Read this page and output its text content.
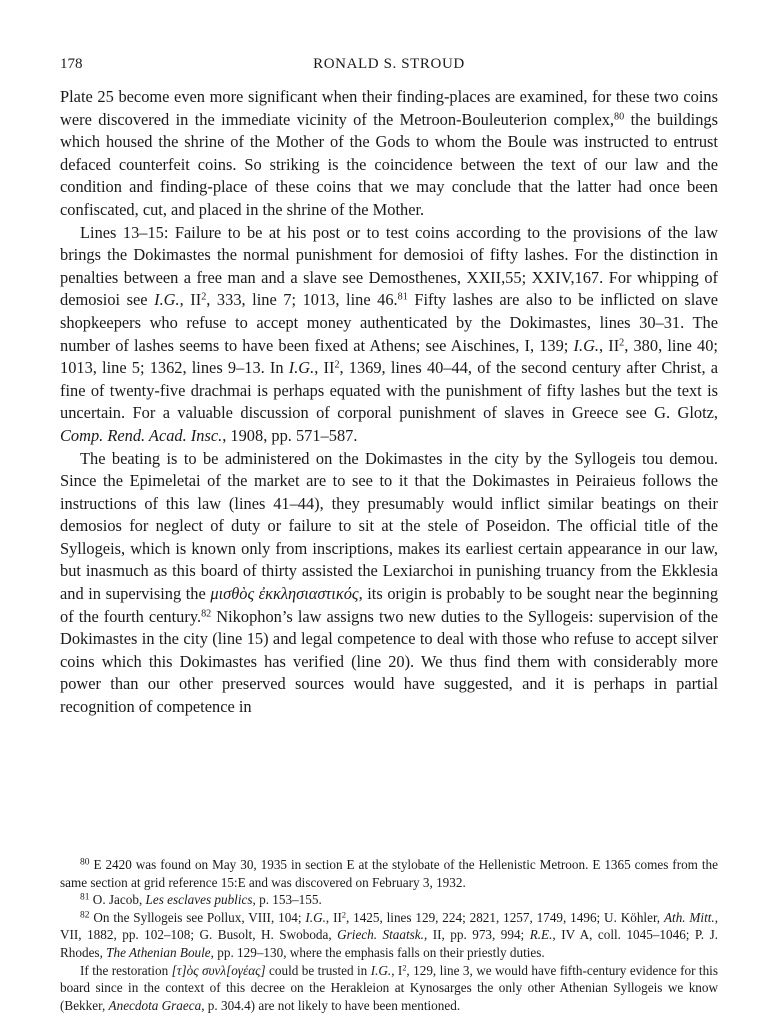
178	RONALD S. STROUD

Plate 25 become even more significant when their finding-places are examined, for these two coins were discovered in the immediate vicinity of the Metroon-Bouleuterion complex,$^{80}$ the buildings which housed the shrine of the Mother of the Gods to whom the Boule was instructed to entrust defaced counterfeit coins. So striking is the coincidence between the text of our law and the condition and finding-place of these coins that we may conclude that the latter had once been confiscated, cut, and placed in the shrine of the Mother.

Lines 13–15: Failure to be at his post or to test coins according to the provisions of the law brings the Dokimastes the normal punishment for demosioi of fifty lashes. For the distinction in penalties between a free man and a slave see Demosthenes, XXII,55; XXIV,167. For whipping of demosioi see I.G., $II^2$, 333, line 7; 1013, line 46.81 Fifty lashes are also to be inflicted on slave shopkeepers who refuse to accept money authenticated by the Dokimastes, lines 30–31. The number of lashes seems to have been fixed at Athens; see Aischines, I, 139; I.G., $II^2$, 380, line 40; 1013, line 5; 1362, lines 9–13. In I.G., $II^2$, 1369, lines 40–44, of the second century after Christ, a fine of twenty-five drachmai is perhaps equated with the punishment of fifty lashes but the text is uncertain. For a valuable discussion of corporal punishment of slaves in Greece see G. Glotz, Comp. Rend. Acad. Insc., 1908, pp. 571–587.

The beating is to be administered on the Dokimastes in the city by the Syllogeis tou demou. Since the Epimeletai of the market are to see to it that the Dokimastes in Peiraieus follows the instructions of this law (lines 41–44), they presumably would inflict similar beatings on their demosios for neglect of duty or failure to sit at the stele of Poseidon. The official title of the Syllogeis, which is known only from inscriptions, makes its earliest certain appearance in our law, but inasmuch as this board of thirty assisted the Lexiarchoi in punishing truancy from the Ekklesia and in supervising the μισθὸς ἐκκλησιαστικός, its origin is probably to be sought near the beginning of the fourth century.$^{82}$ Nikophon’s law assigns two new duties to the Syllogeis: supervision of the Dokimastes in the city (line 15) and legal competence to deal with those who refuse to accept silver coins which this Dokimastes has verified (line 20). We thus find them with considerably more power than our other preserved sources would have suggested, and it is perhaps in partial recognition of competence in

$^{80}$ E 2420 was found on May 30, 1935 in section E at the stylobate of the Hellenistic Metroon. E 1365 comes from the same section at grid reference 15:E and was discovered on February 3, 1932.

$^{81}$ O. Jacob, Les esclaves publics, p. 153–155.

$^{82}$ On the Syllogeis see Pollux, VIII, 104; I.G., $II^2$, 1425, lines 129, 224; 2821, 1257, 1749, 1496; U. Köhler, Ath. Mitt., VII, 1882, pp. 102–108; G. Busolt, H. Swoboda, Griech. Staatsk., II, pp. 973, 994; R.E., IV A, coll. 1045–1046; P. J. Rhodes, The Athenian Boule, pp. 129–130, where the emphasis falls on their priestly duties.

If the restoration [τ]ὸς συνλ[ογέας] could be trusted in I.G., $I^2$, 129, line 3, we would have fifth-century evidence for this board since in the context of this decree on the Herakleion at Kynosarges the only other Athenian Syllogeis we know (Bekker, Anecdota Graeca, p. 304.4) are not likely to have been mentioned.
